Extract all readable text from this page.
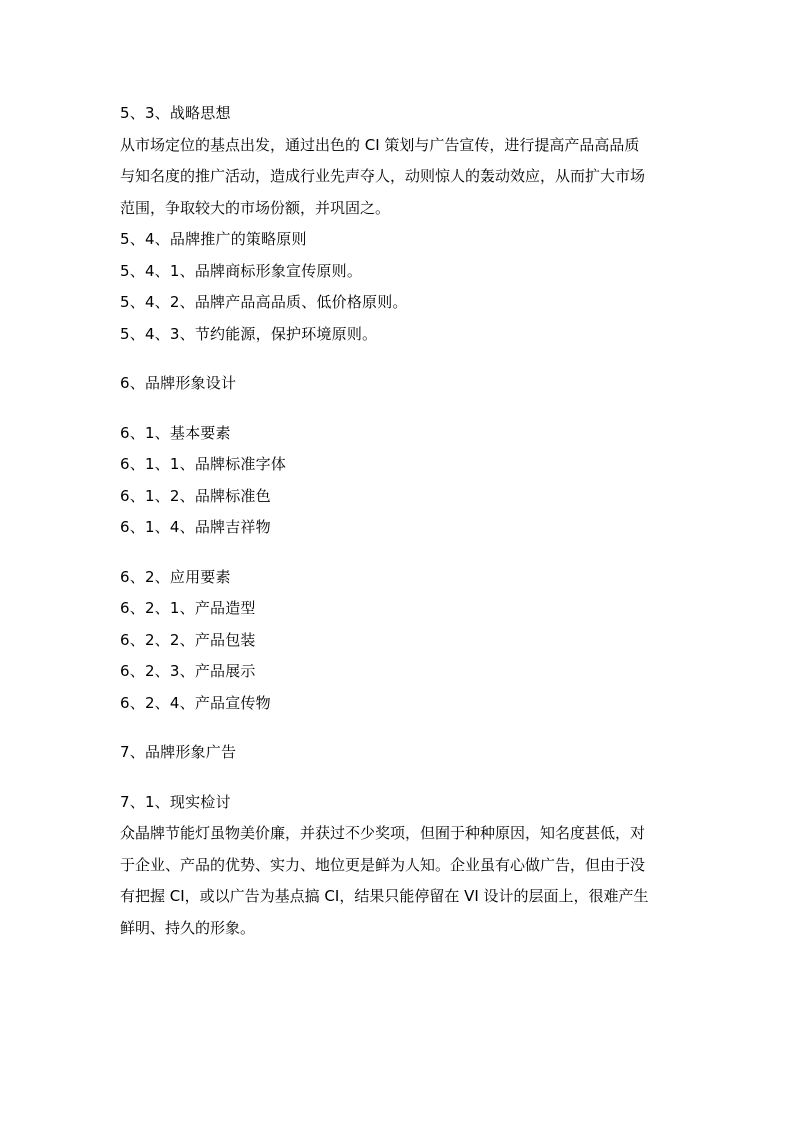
5、3、战略思想
从市场定位的基点出发，通过出色的 CI 策划与广告宣传，进行提高产品高品质
与知名度的推广活动，造成行业先声夺人，动则惊人的轰动效应，从而扩大市场
范围，争取较大的市场份额，并巩固之。
5、4、品牌推广的策略原则
5、4、1、品牌商标形象宣传原则。
5、4、2、品牌产品高品质、低价格原则。
5、4、3、节约能源，保护环境原则。
6、品牌形象设计
6、1、基本要素
6、1、1、品牌标准字体
6、1、2、品牌标准色
6、1、4、品牌吉祥物
6、2、应用要素
6、2、1、产品造型
6、2、2、产品包装
6、2、3、产品展示
6、2、4、产品宣传物
7、品牌形象广告
7、1、现实检讨
众晶牌节能灯虽物美价廉，并获过不少奖项，但囿于种种原因，知名度甚低，对
于企业、产品的优势、实力、地位更是鲜为人知。企业虽有心做广告，但由于没
有把握 CI，或以广告为基点搞 CI，结果只能停留在 VI 设计的层面上，很难产生
鲜明、持久的形象。
